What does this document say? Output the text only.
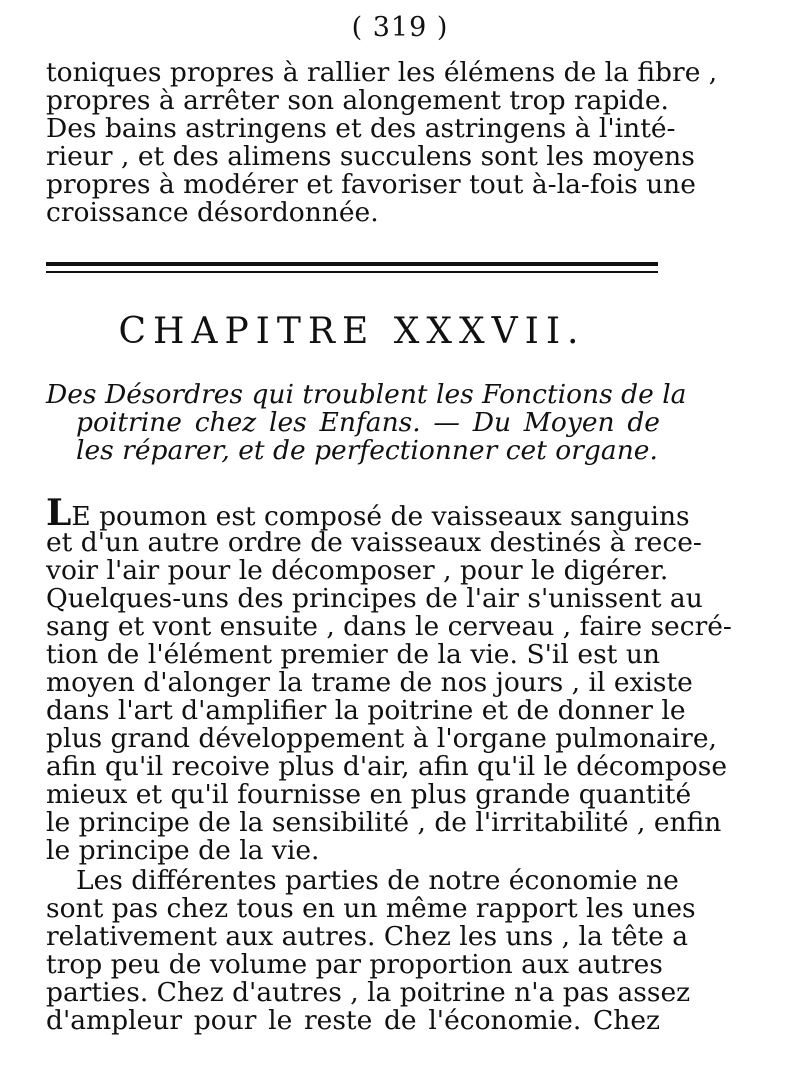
( 319 )
toniques propres à rallier les élémens de la fibre ,
propres à arrêter son alongement trop rapide.
Des bains astringens et des astringens à l'inté-
rieur , et des alimens succulens sont les moyens
propres à modérer et favoriser tout à-la-fois une
croissance désordonnée.
CHAPITRE XXXVII.
Des Désordres qui troublent les Fonctions de la
poitrine chez les Enfans. — Du Moyen de
les réparer, et de perfectionner cet organe.
LE poumon est composé de vaisseaux sanguins
et d'un autre ordre de vaisseaux destinés à rece-
voir l'air pour le décomposer , pour le digérer.
Quelques-uns des principes de l'air s'unissent au
sang et vont ensuite , dans le cerveau , faire secré-
tion de l'élément premier de la vie. S'il est un
moyen d'alonger la trame de nos jours , il existe
dans l'art d'amplifier la poitrine et de donner le
plus grand développement à l'organe pulmonaire,
afin qu'il recoive plus d'air, afin qu'il le décompose
mieux et qu'il fournisse en plus grande quantité
le principe de la sensibilité , de l'irritabilité , enfin
le principe de la vie.
Les différentes parties de notre économie ne
sont pas chez tous en un même rapport les unes
relativement aux autres. Chez les uns , la tête a
trop peu de volume par proportion aux autres
parties. Chez d'autres , la poitrine n'a pas assez
d'ampleur pour le reste de l'économie. Chez
